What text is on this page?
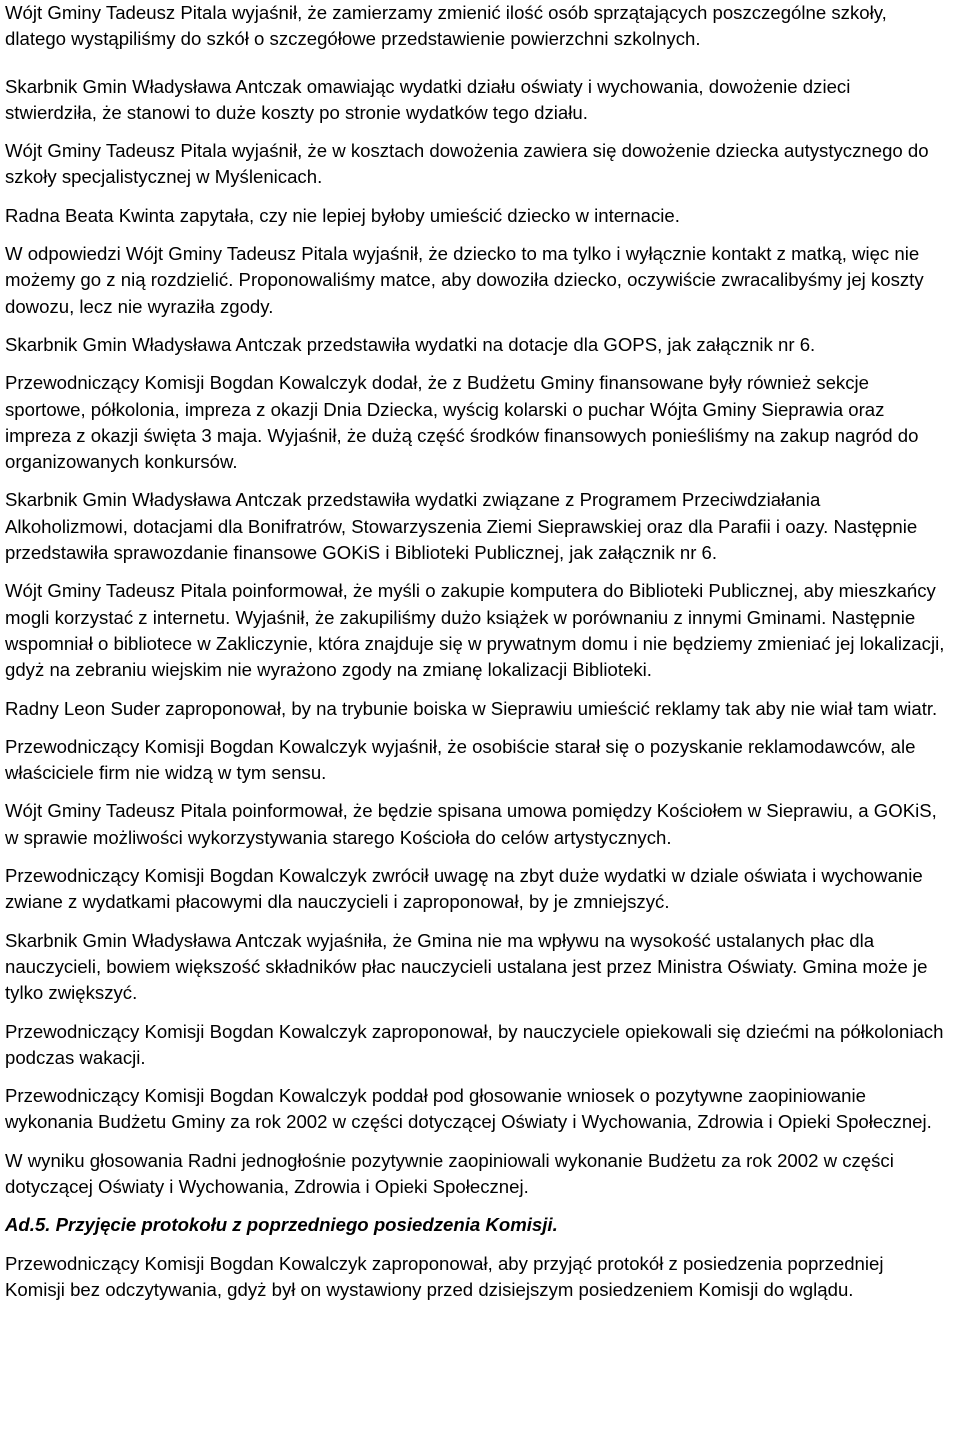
Wójt Gminy Tadeusz Pitala wyjaśnił, że zamierzamy zmienić ilość osób sprzątających poszczególne szkoły, dlatego wystąpiliśmy do szkół o szczegółowe przedstawienie powierzchni szkolnych.

Skarbnik Gmin Władysława Antczak omawiając wydatki działu oświaty i wychowania, dowożenie dzieci stwierdziła, że stanowi to duże koszty po stronie wydatków tego działu.

Wójt Gminy Tadeusz Pitala wyjaśnił, że w kosztach dowożenia zawiera się dowożenie dziecka autystycznego do szkoły specjalistycznej w Myślenicach.

Radna Beata Kwinta zapytała, czy nie lepiej byłoby umieścić dziecko w internacie.

W odpowiedzi Wójt Gminy Tadeusz Pitala wyjaśnił, że dziecko to ma tylko i wyłącznie kontakt z matką, więc nie możemy go z nią rozdzielić. Proponowaliśmy matce, aby dowoziła dziecko, oczywiście zwracalibyśmy jej koszty dowozu, lecz nie wyraziła zgody.

Skarbnik Gmin Władysława Antczak przedstawiła wydatki na dotacje dla GOPS, jak załącznik nr 6.

Przewodniczący Komisji Bogdan Kowalczyk dodał, że z Budżetu Gminy finansowane były również sekcje sportowe, półkolonia, impreza z okazji Dnia Dziecka, wyścig kolarski o puchar Wójta Gminy Sieprawia oraz impreza z okazji święta 3 maja. Wyjaśnił, że dużą część środków finansowych ponieśliśmy na zakup nagród do organizowanych konkursów.

Skarbnik Gmin Władysława Antczak przedstawiła wydatki związane z Programem Przeciwdziałania Alkoholizmowi, dotacjami dla Bonifratrów, Stowarzyszenia Ziemi Sieprawskiej oraz dla Parafii i oazy. Następnie przedstawiła sprawozdanie finansowe GOKiS i Biblioteki Publicznej, jak załącznik nr 6.

Wójt Gminy Tadeusz Pitala poinformował, że myśli o zakupie komputera do Biblioteki Publicznej, aby mieszkańcy mogli korzystać z internetu. Wyjaśnił, że zakupiliśmy dużo książek w porównaniu z innymi Gminami. Następnie wspomniał o bibliotece w Zakliczynie, która znajduje się w prywatnym domu i nie będziemy zmieniać jej lokalizacji, gdyż na zebraniu wiejskim nie wyrażono zgody na zmianę lokalizacji Biblioteki.

Radny Leon Suder zaproponował, by na trybunie boiska w Sieprawiu umieścić reklamy tak aby nie wiał tam wiatr.

Przewodniczący Komisji Bogdan Kowalczyk wyjaśnił, że osobiście starał się o pozyskanie reklamodawców, ale właściciele firm nie widzą w tym sensu.

Wójt Gminy Tadeusz Pitala poinformował, że będzie spisana umowa pomiędzy Kościołem w Sieprawiu, a GOKiS, w sprawie możliwości wykorzystywania starego Kościoła do celów artystycznych.

Przewodniczący Komisji Bogdan Kowalczyk zwrócił uwagę na zbyt duże wydatki w dziale oświata i wychowanie zwiane z wydatkami płacowymi dla nauczycieli i zaproponował, by je zmniejszyć.

Skarbnik Gmin Władysława Antczak wyjaśniła, że Gmina nie ma wpływu na wysokość ustalanych płac dla nauczycieli, bowiem większość składników płac nauczycieli ustalana jest przez Ministra Oświaty. Gmina może je tylko zwiększyć.

Przewodniczący Komisji Bogdan Kowalczyk zaproponował, by nauczyciele opiekowali się dziećmi na półkoloniach podczas wakacji.

Przewodniczący Komisji Bogdan Kowalczyk poddał pod głosowanie wniosek o pozytywne zaopiniowanie wykonania Budżetu Gminy za rok 2002 w części dotyczącej Oświaty i Wychowania, Zdrowia i Opieki Społecznej.

W wyniku głosowania Radni jednogłośnie pozytywnie zaopiniowali wykonanie Budżetu za rok 2002 w części dotyczącej Oświaty i Wychowania, Zdrowia i Opieki Społecznej.

Ad.5. Przyjęcie protokołu z poprzedniego posiedzenia Komisji.

Przewodniczący Komisji Bogdan Kowalczyk zaproponował, aby przyjąć protokół z posiedzenia poprzedniej Komisji bez odczytywania, gdyż był on wystawiony przed dzisiejszym posiedzeniem Komisji do wglądu.
